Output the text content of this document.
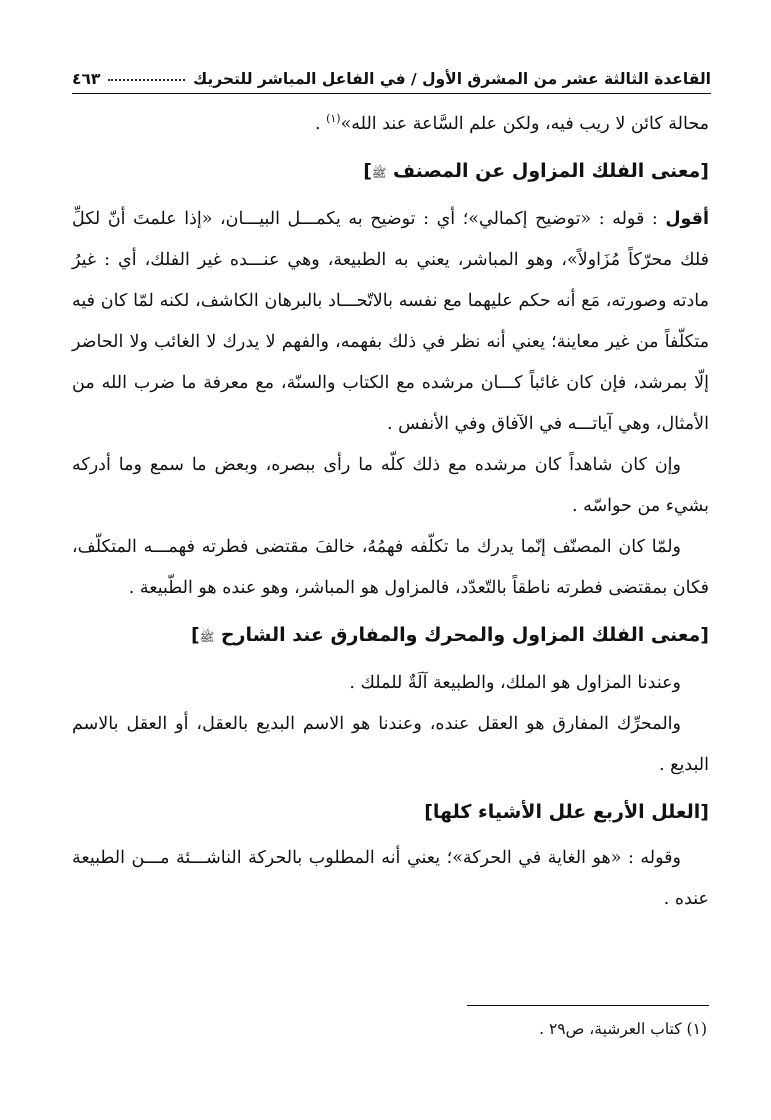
القاعدة الثالثة عشر من المشرق الأول / في الفاعل المباشر للتحريك
٤٦٣

محالة كائن لا ريب فيه، ولكن علم السَّاعة عند الله»$^{(١)}$ .

[معنى الفلك المزاول عن المصنف ﷺ]

أقول : قوله : «توضيح إكمالي»؛ أي : توضيح به يكمـــل البيـــان، «إذا علمتَ أنّ لكلِّ فلك محرّكاً مُزَاولاً»، وهو المباشر، يعني به الطبيعة، وهي عنـــده غير الفلك، أي : غيرُ مادته وصورته، مَع أنه حكم عليهما مع نفسه بالاتّحـــاد بالبرهان الكاشف، لكنه لمّا كان فيه متكلّفاً من غير معاينة؛ يعني أنه نظر في ذلك بفهمه، والفهم لا يدرك لا الغائب ولا الحاضر إلّا بمرشد، فإن كان غائباً كـــان مرشده مع الكتاب والسنّة، مع معرفة ما ضرب الله من الأمثال، وهي آياتـــه في الآفاق وفي الأنفس .

وإن كان شاهداً كان مرشده مع ذلك كلّه ما رأى ببصره، وبعض ما سمع وما أدركه بشيء من حواسّه .

ولمّا كان المصنّف إنّما يدرك ما تكلّفه فهمُهُ، خالفَ مقتضى فطرته فهمـــه المتكلّف، فكان بمقتضى فطرته ناطقاً بالتّعدّد، فالمزاول هو المباشر، وهو عنده هو الطّبيعة .

[معنى الفلك المزاول والمحرك والمفارق عند الشارح ﷺ]

وعندنا المزاول هو الملك، والطبيعة آلَةٌ للملك .

والمحرِّك المفارق هو العقل عنده، وعندنا هو الاسم البديع بالعقل، أو العقل بالاسم البديع .

[العلل الأربع علل الأشياء كلها]

وقوله : «هو الغاية في الحركة»؛ يعني أنه المطلوب بالحركة الناشـــئة مـــن الطبيعة عنده .

(١) كتاب العرشية، ص٢٩ .
